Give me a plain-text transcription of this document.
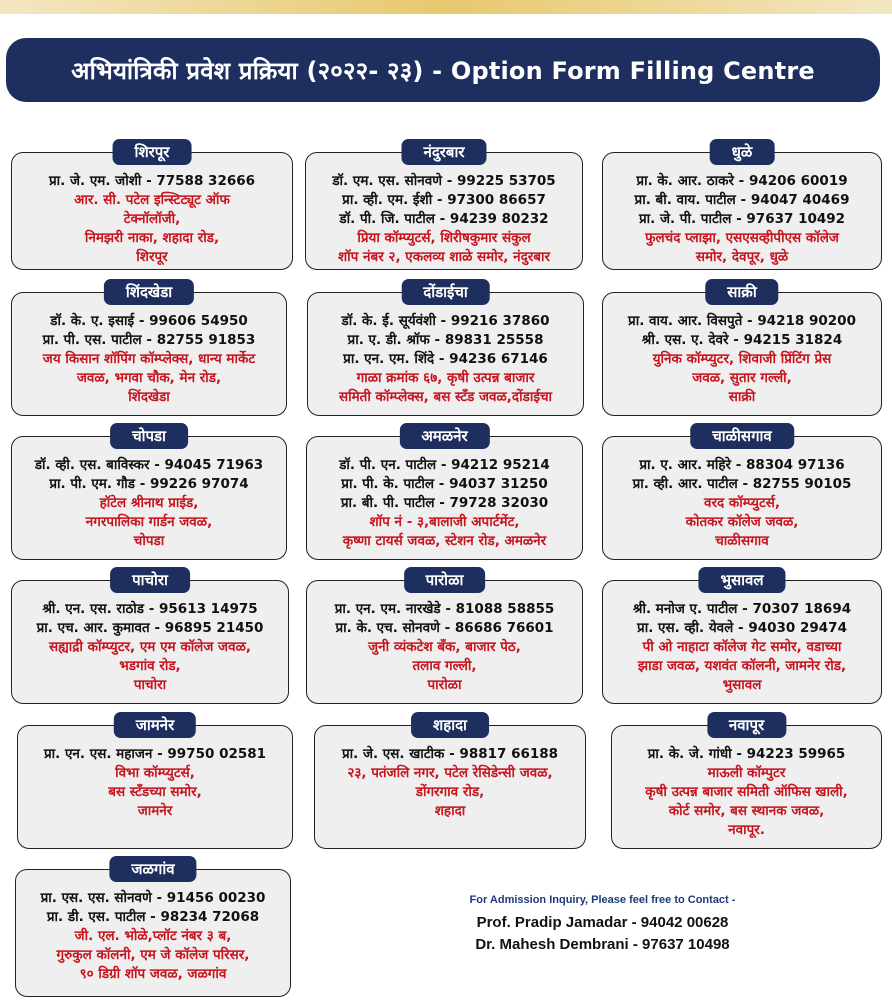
अभियांत्रिकी प्रवेश प्रक्रिया (२०२२- २३) - Option Form Filling Centre
शिरपूर
प्रा. जे. एम. जोशी - 77588 32666
आर. सी. पटेल इन्स्टिट्यूट ऑफ
टेक्नॉलॉजी,
निमझरी नाका, शहादा रोड,
शिरपूर
नंदुरबार
डॉ. एम. एस. सोनवणे - 99225 53705
प्रा. व्ही. एम. ईशी - 97300 86657
डॉ. पी. जि. पाटील - 94239 80232
प्रिया कॉम्प्युटर्स, शिरीषकुमार संकुल
शॉप नंबर २, एकलव्य शाळे समोर, नंदुरबार
धुळे
प्रा. के. आर. ठाकरे - 94206 60019
प्रा. बी. वाय. पाटील - 94047 40469
प्रा. जे. पी. पाटील - 97637 10492
फुलचंद प्लाझा, एसएसव्हीपीएस कॉलेज
समोर, देवपूर, धुळे
शिंदखेडा
डॉ. के. ए. इसाई - 99606 54950
प्रा. पी. एस. पाटील - 82755 91853
जय किसान शॉपिंग कॉम्प्लेक्स, धान्य मार्केट
जवळ, भगवा चौक, मेन रोड,
शिंदखेडा
दोंडाईचा
डॉ. के. ई. सूर्यवंशी - 99216 37860
प्रा. ए. डी. श्रॉफ - 89831 25558
प्रा. एन. एम. शिंदे - 94236 67146
गाळा क्रमांक ६७, कृषी उत्पन्न बाजार
समिती कॉम्प्लेक्स, बस स्टँड जवळ,दोंडाईचा
साक्री
प्रा. वाय. आर. विसपुते - 94218 90200
श्री. एस. ए. देवरे - 94215 31824
युनिक कॉम्प्युटर, शिवाजी प्रिंटिंग प्रेस
जवळ, सुतार गल्ली,
साक्री
चोपडा
डॉ. व्ही. एस. बाविस्कर - 94045 71963
प्रा. पी. एम. गौड - 99226 97074
हॉटेल श्रीनाथ प्राईड,
नगरपालिका गार्डन जवळ,
चोपडा
अमळनेर
डॉ. पी. एन. पाटील - 94212 95214
प्रा. पी. के. पाटील - 94037 31250
प्रा. बी. पी. पाटील - 79728 32030
शॉप नं - ३,बालाजी अपार्टमेंट,
कृष्णा टायर्स जवळ, स्टेशन रोड, अमळनेर
चाळीसगाव
प्रा. ए. आर. महिरे - 88304 97136
प्रा. व्ही. आर. पाटील - 82755 90105
वरद कॉम्प्युटर्स,
कोतकर कॉलेज जवळ,
चाळीसगाव
पाचोरा
श्री. एन. एस. राठोड - 95613 14975
प्रा. एच. आर. कुमावत - 96895 21450
सह्याद्री कॉम्प्युटर, एम एम कॉलेज जवळ,
भडगांव रोड,
पाचोरा
पारोळा
प्रा. एन. एम. नारखेडे - 81088 58855
प्रा. के. एच. सोनवणे - 86686 76601
जुनी व्यंकटेश बँक, बाजार पेठ,
तलाव गल्ली,
पारोळा
भुसावल
श्री. मनोज ए. पाटील - 70307 18694
प्रा. एस. व्ही. येवले - 94030 29474
पी ओ नाहाटा कॉलेज गेट समोर, वडाच्या
झाडा जवळ, यशवंत कॉलनी, जामनेर रोड,
भुसावल
जामनेर
प्रा. एन. एस. महाजन - 99750 02581
विभा कॉम्प्युटर्स,
बस स्टँडच्या समोर,
जामनेर
शहादा
प्रा. जे. एस. खाटीक - 98817 66188
२३, पतंजलि नगर, पटेल रेसिडेन्सी जवळ,
डोंगरगाव रोड,
शहादा
नवापूर
प्रा. के. जे. गांधी - 94223 59965
माऊली कॉम्पुटर
कृषी उत्पन्न बाजार समिती ऑफिस खाली,
कोर्ट समोर, बस स्थानक जवळ,
नवापूर.
जळगांव
प्रा. एस. एस. सोनवणे - 91456 00230
प्रा. डी. एस. पाटील - 98234 72068
जी. एल. भोळे,प्लॉट नंबर ३ ब,
गुरुकुल कॉलनी, एम जे कॉलेज परिसर,
९० डिग्री शॉप जवळ, जळगांव
For Admission Inquiry, Please feel free to Contact -
Prof. Pradip Jamadar - 94042 00628
Dr. Mahesh Dembrani - 97637 10498
